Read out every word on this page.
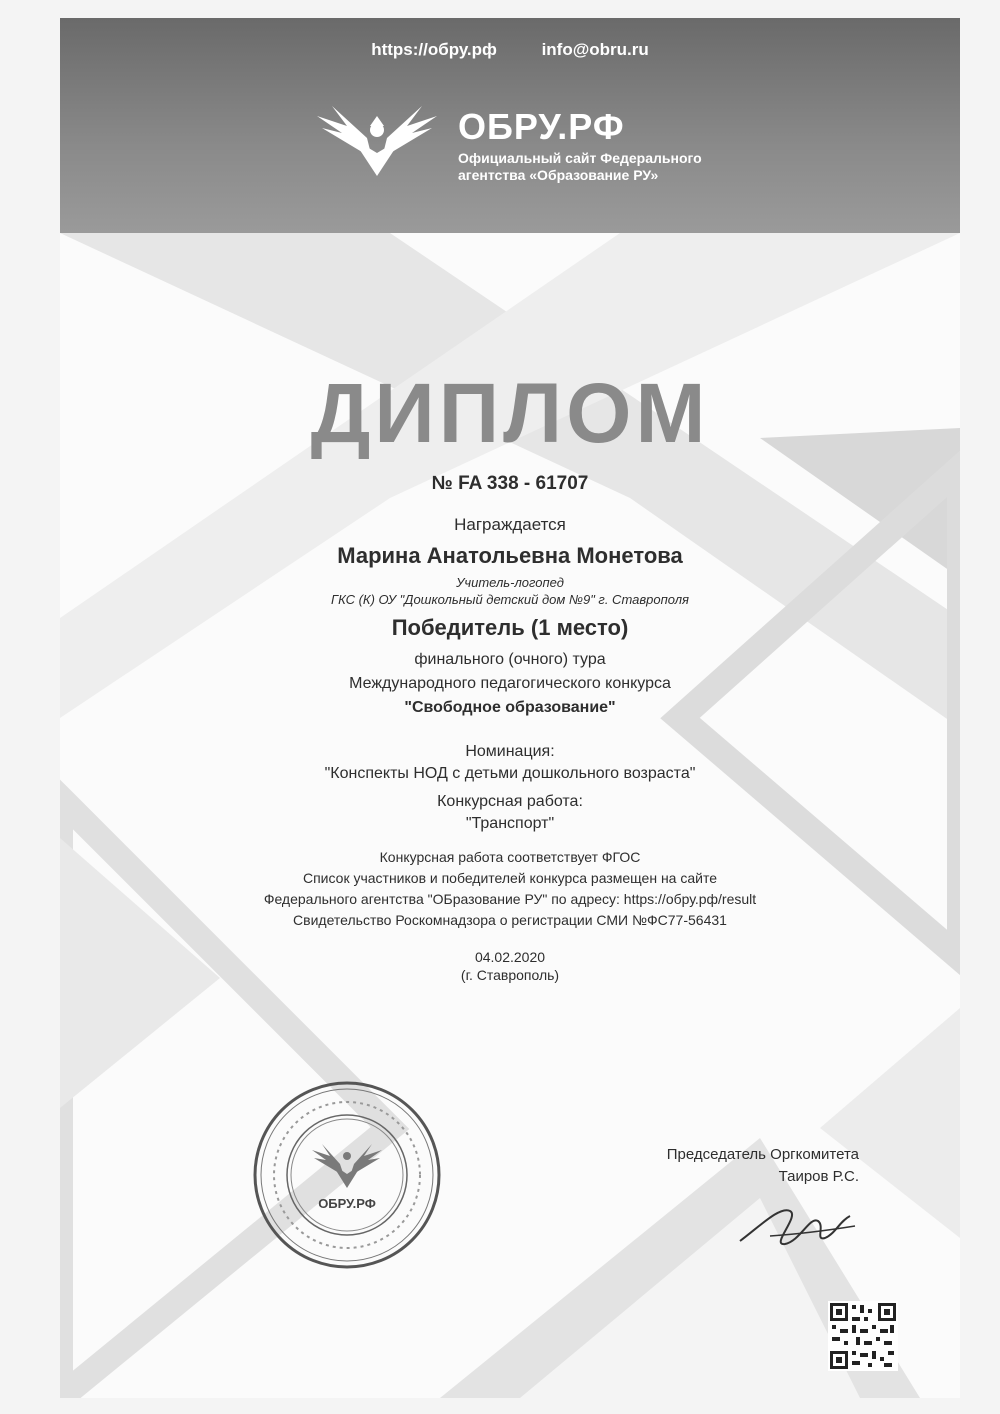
https://обру.рф	info@obru.ru
ОБРУ.РФ
Официальный сайт Федерального
агентства «Образование РУ»
ДИПЛОМ
№ FA 338 - 61707
Награждается
Марина Анатольевна Монетова
Учитель-логопед
ГКС (К) ОУ "Дошкольный детский дом №9" г. Ставрополя
Победитель (1 место)
финального (очного) тура
Международного педагогического конкурса
"Свободное образование"
Номинация:
"Конспекты НОД с детьми дошкольного возраста"
Конкурсная работа:
"Транспорт"
Конкурсная работа соответствует ФГОС
Список участников и победителей конкурса размещен на сайте
Федерального агентства "ОБразование РУ" по адресу: https://обру.рф/result
Свидетельство Роскомнадзора о регистрации СМИ №ФС77-56431
04.02.2020
(г. Ставрополь)
ОБРУ.РФ
Председатель Оргкомитета
Таиров Р.С.
